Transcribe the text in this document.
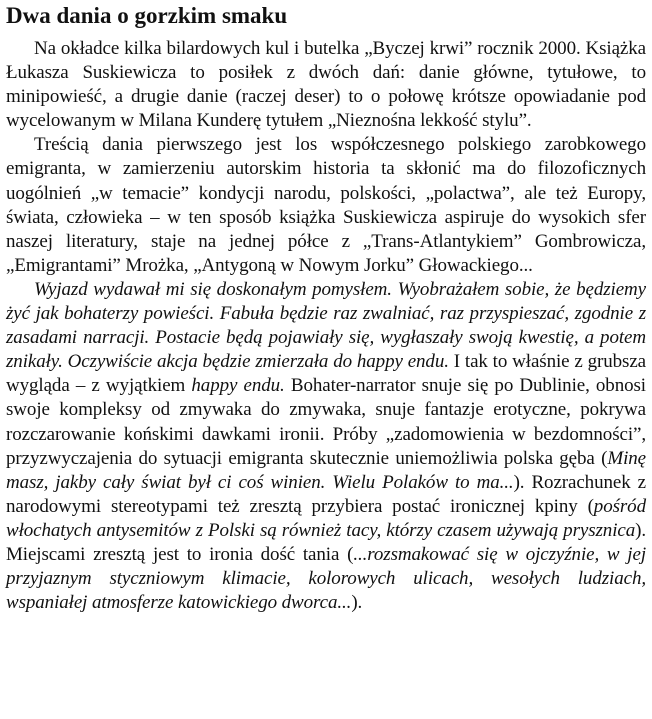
Dwa dania o gorzkim smaku

Na okładce kilka bilardowych kul i butelka „Byczej krwi” rocznik 2000. Książka Łukasza Suskiewicza to posiłek z dwóch dań: danie główne, tytułowe, to minipowieść, a drugie danie (raczej deser) to o połowę krótsze opowiadanie pod wycelowanym w Milana Kunderę tytułem „Nieznośna lekkość stylu”.

Treścią dania pierwszego jest los współczesnego polskiego zarobkowego emigranta, w zamierzeniu autorskim historia ta skłonić ma do filozoficznych uogólnień „w temacie” kondycji narodu, polskości, „polactwa”, ale też Europy, świata, człowieka – w ten sposób książka Suskiewicza aspiruje do wysokich sfer naszej literatury, staje na jednej półce z „Trans-Atlantykiem” Gombrowicza, „Emigrantami” Mrożka, „Antygoną w Nowym Jorku” Głowackiego...

Wyjazd wydawał mi się doskonałym pomysłem. Wyobrażałem sobie, że będziemy żyć jak bohaterzy powieści. Fabuła będzie raz zwalniać, raz przyspieszać, zgodnie z zasadami narracji. Postacie będą pojawiały się, wygłaszały swoją kwestię, a potem znikały. Oczywiście akcja będzie zmierzała do happy endu. I tak to właśnie z grubsza wygląda – z wyjątkiem happy endu. Bohater-narrator snuje się po Dublinie, obnosi swoje kompleksy od zmywaka do zmywaka, snuje fantazje erotyczne, pokrywa rozczarowanie końskimi dawkami ironii. Próby „zadomowienia w bezdomności”, przyzwyczajenia do sytuacji emigranta skutecznie uniemożliwia polska gęba (Minę masz, jakby cały świat był ci coś winien. Wielu Polaków to ma...). Rozrachunek z narodowymi stereotypami też zresztą przybiera postać ironicznej kpiny (pośród włochatych antysemitów z Polski są również tacy, którzy czasem używają prysznica). Miejscami zresztą jest to ironia dość tania (...rozsmakować się w ojczyźnie, w jej przyjaznym styczniowym klimacie, kolorowych ulicach, wesołych ludziach, wspaniałej atmosferze katowickiego dworca...).
